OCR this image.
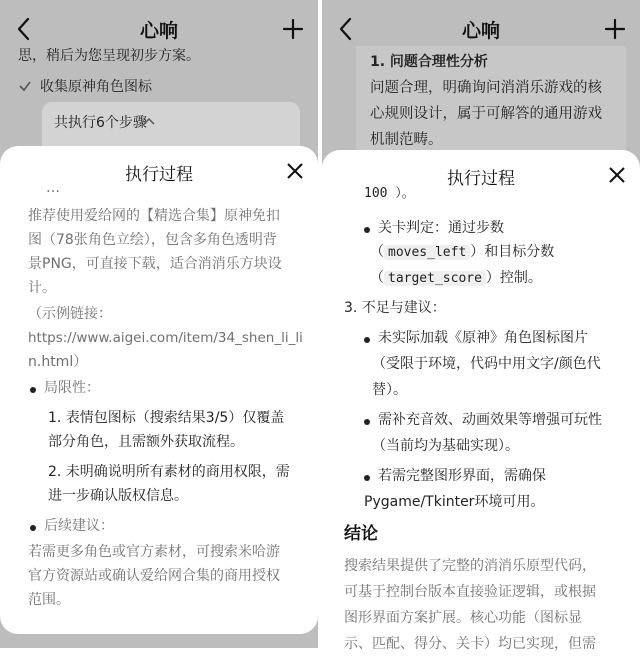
心响
思，稍后为您呈现初步方案。
收集原神角色图标
共执行6个步骤
执行过程
…
推荐使用爱给网的【精选合集】原神免扣
图（78张角色立绘），包含多角色透明背
景PNG，可直接下载，适合消消乐方块设
计。
（示例链接：
https://www.aigei.com/item/34_shen_li_li
n.html）
局限性：
1. 表情包图标（搜索结果3/5）仅覆盖
部分角色，且需额外获取流程。
2. 未明确说明所有素材的商用权限，需
进一步确认版权信息。
后续建议：
若需更多角色或官方素材，可搜索米哈游
官方资源站或确认爱给网合集的商用授权
范围。
心响
1. 问题合理性分析
问题合理，明确询问消消乐游戏的核
心规则设计，属于可解答的通用游戏
机制范畴。
执行过程
100 ）。
关卡判定：通过步数
（ moves_left ）和目标分数
（ target_score ）控制。
3. 不足与建议：
未实际加载《原神》角色图标图片
（受限于环境，代码中用文字/颜色代
替）。
需补充音效、动画效果等增强可玩性
（当前均为基础实现）。
若需完整图形界面，需确保
Pygame/Tkinter环境可用。
结论
搜索结果提供了完整的消消乐原型代码，
可基于控制台版本直接验证逻辑，或根据
图形界面方案扩展。核心功能（图标显
示、匹配、得分、关卡）均已实现，但需
